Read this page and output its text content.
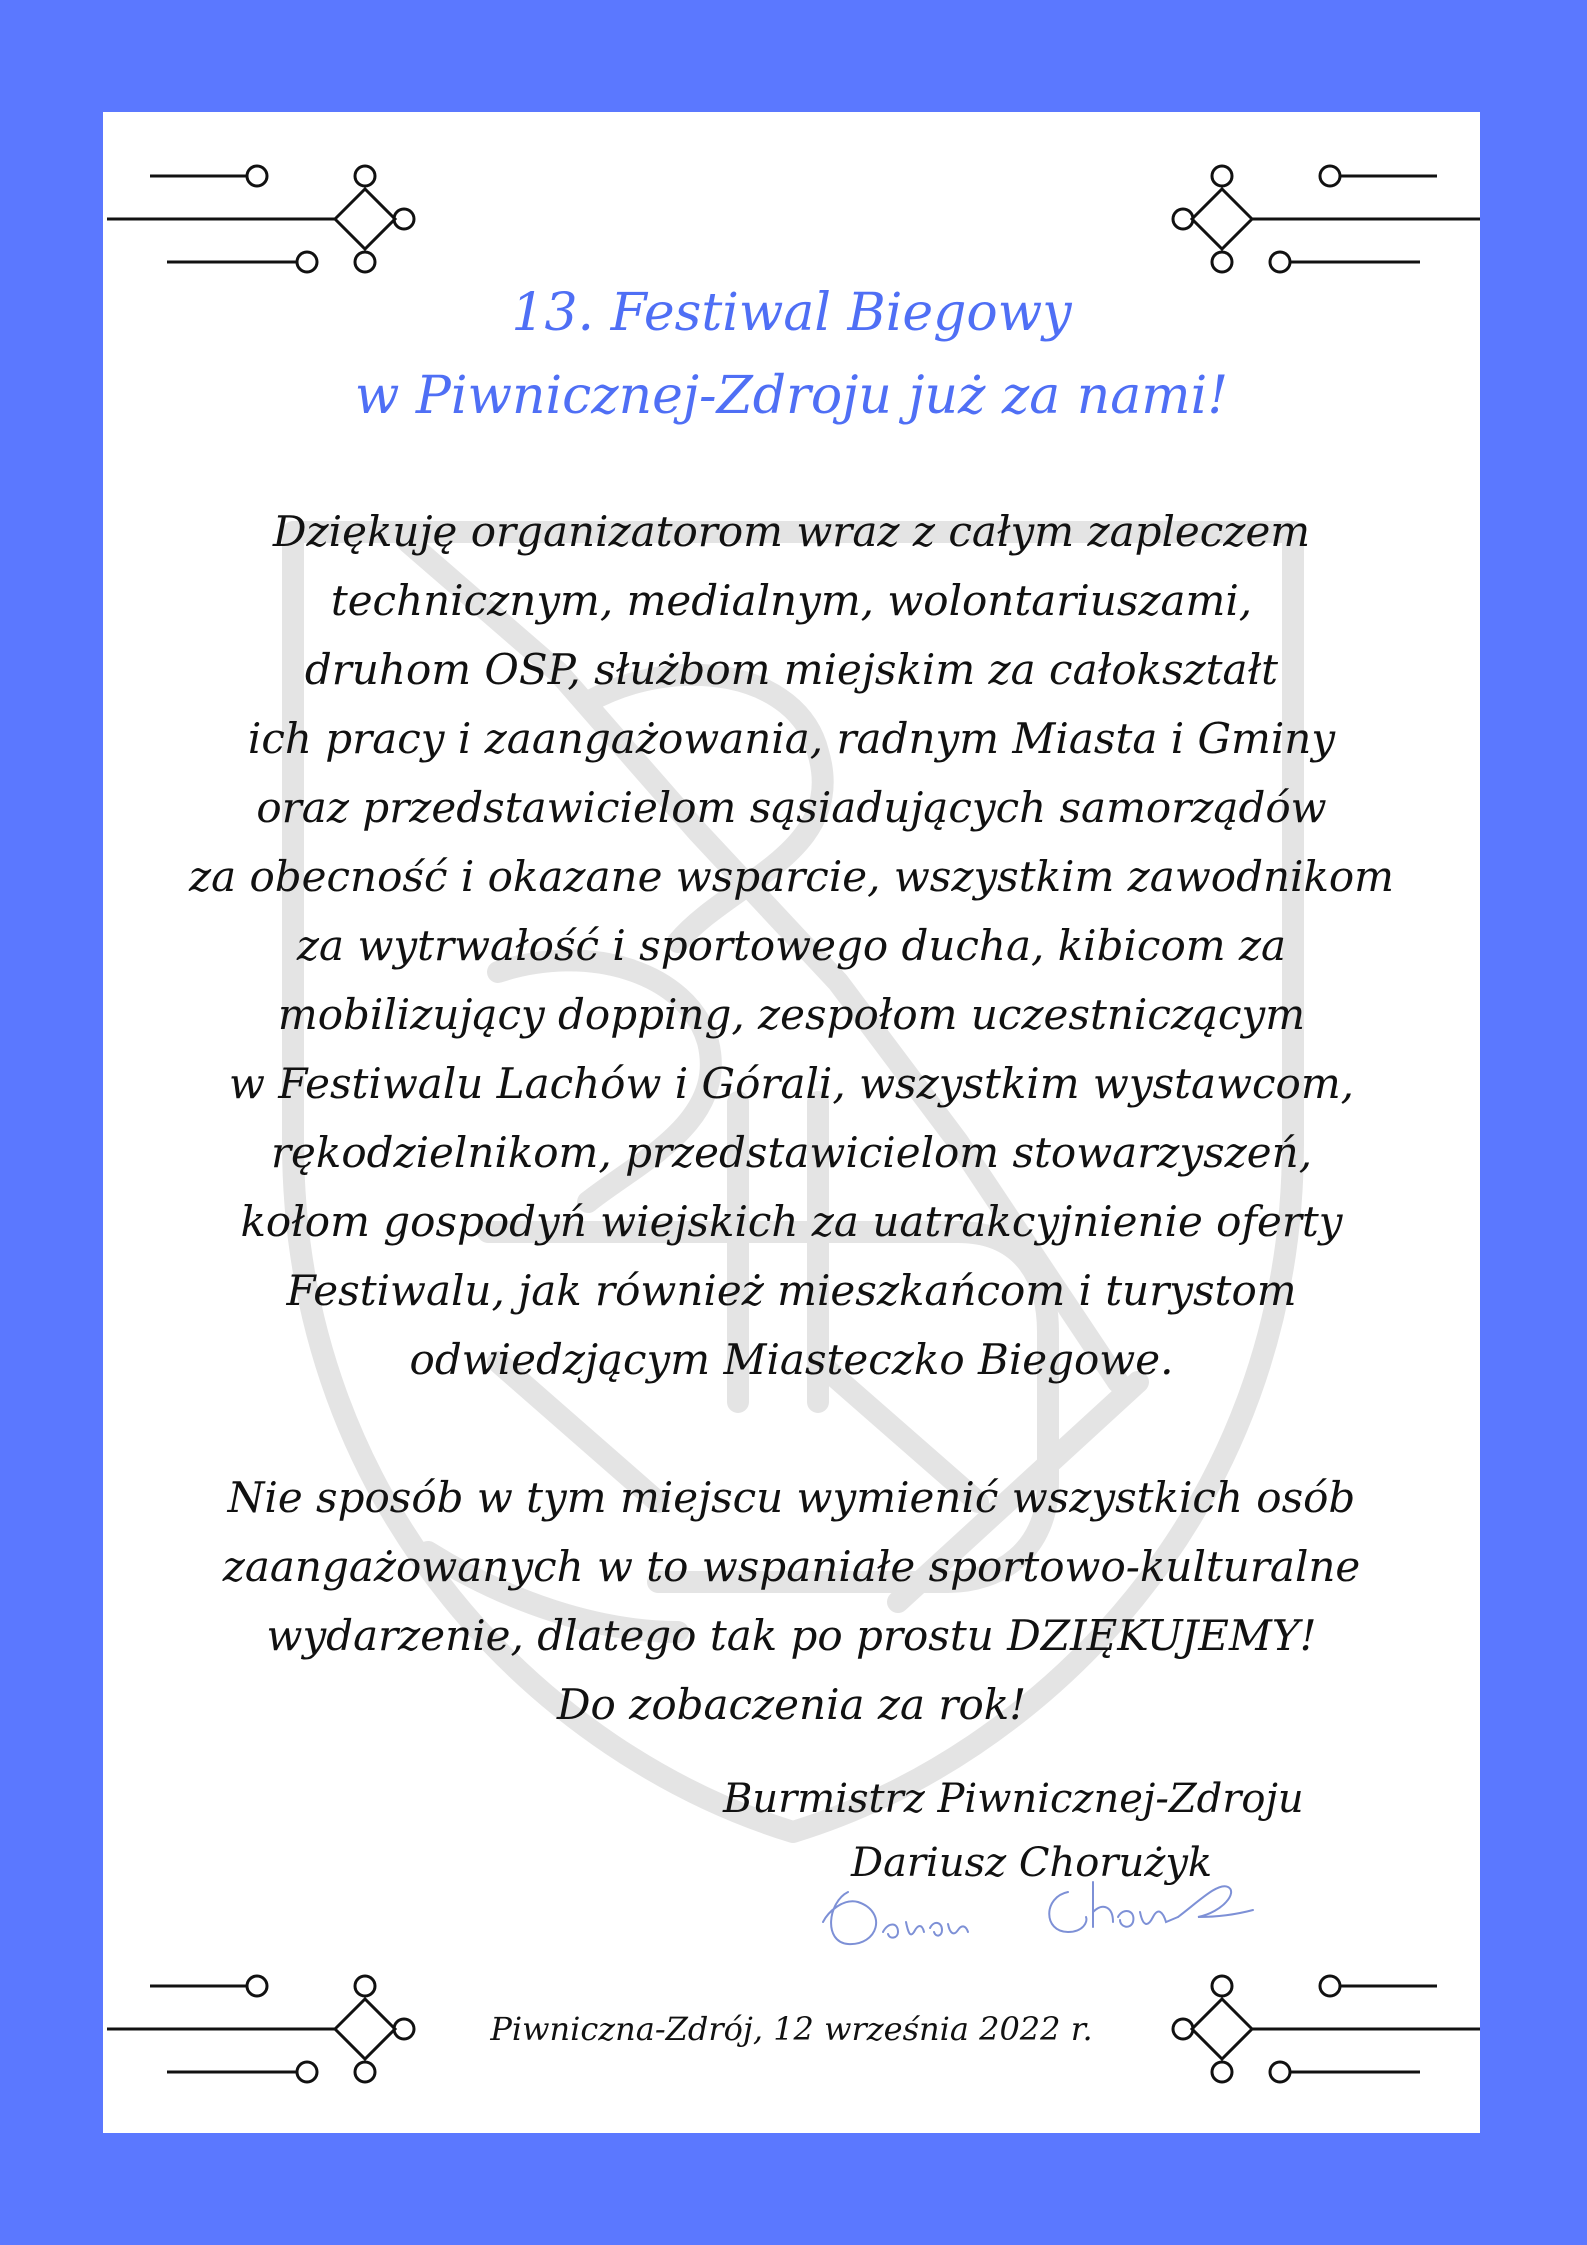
13. Festiwal Biegowy
w Piwnicznej-Zdroju już za nami!
Dziękuję organizatorom wraz z całym zapleczem
technicznym, medialnym, wolontariuszami,
druhom OSP, służbom miejskim za całokształt
ich pracy i zaangażowania, radnym Miasta i Gminy
oraz przedstawicielom sąsiadujących samorządów
za obecność i okazane wsparcie, wszystkim zawodnikom
za wytrwałość i sportowego ducha, kibicom za
mobilizujący dopping, zespołom uczestniczącym
w Festiwalu Lachów i Górali, wszystkim wystawcom,
rękodzielnikom, przedstawicielom stowarzyszeń,
kołom gospodyń wiejskich za uatrakcyjnienie oferty
Festiwalu, jak również mieszkańcom i turystom
odwiedzjącym Miasteczko Biegowe.
Nie sposób w tym miejscu wymienić wszystkich osób
zaangażowanych w to wspaniałe sportowo-kulturalne
wydarzenie, dlatego tak po prostu DZIĘKUJEMY!
Do zobaczenia za rok!
Burmistrz Piwnicznej-Zdroju
Dariusz Chorużyk
Piwniczna-Zdrój, 12 września 2022 r.
